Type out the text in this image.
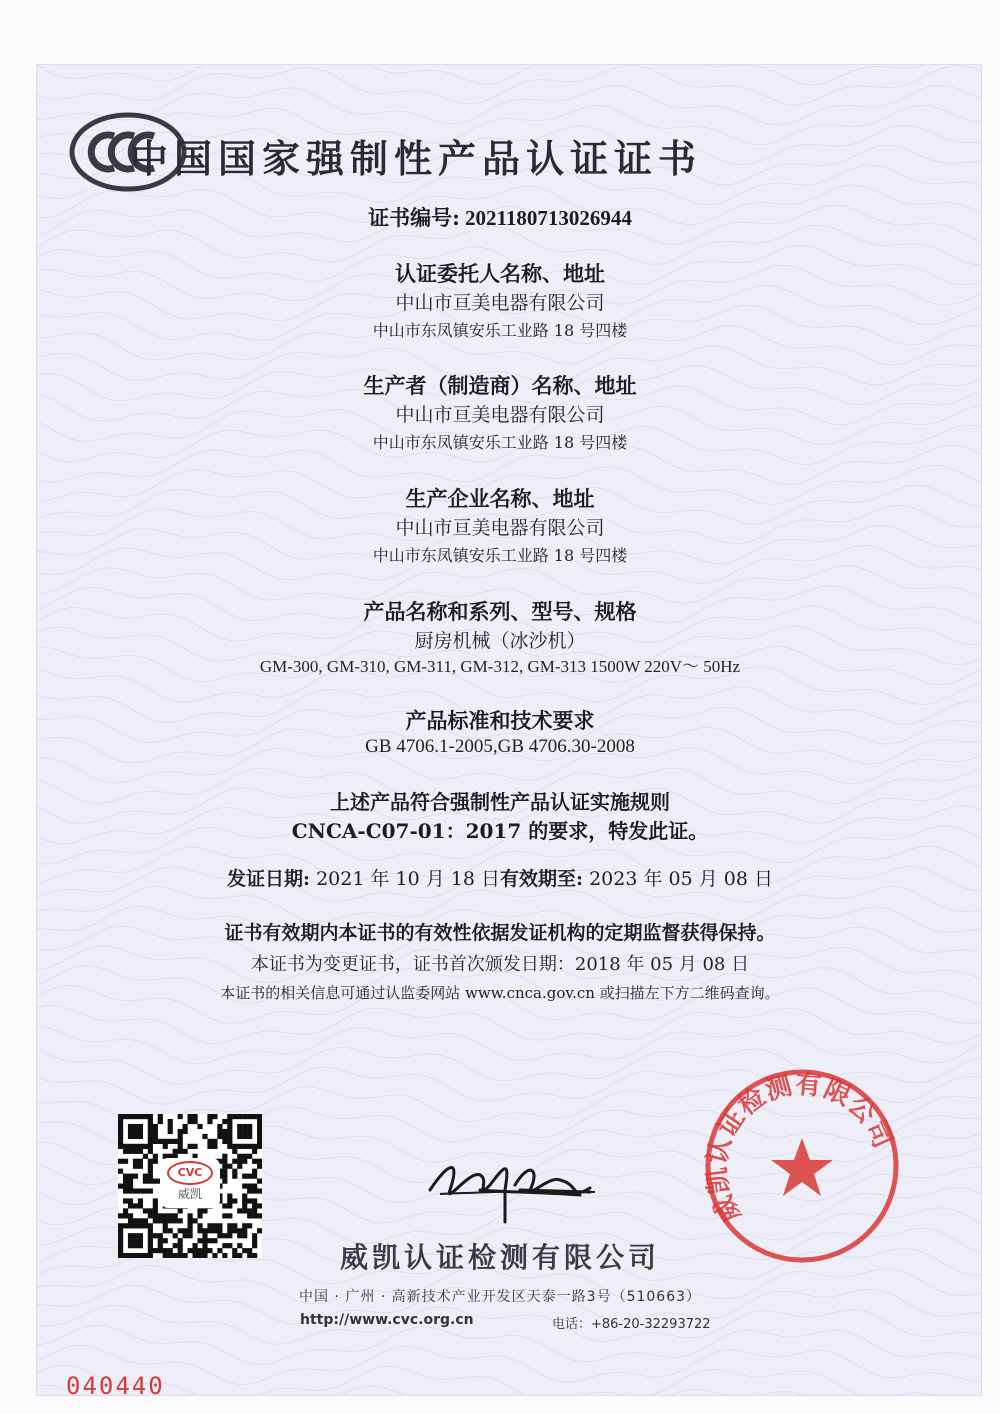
中国国家强制性产品认证证书
证书编号: 2021180713026944
认证委托人名称、地址
中山市亘美电器有限公司
中山市东凤镇安乐工业路 18 号四楼
生产者（制造商）名称、地址
中山市亘美电器有限公司
中山市东凤镇安乐工业路 18 号四楼
生产企业名称、地址
中山市亘美电器有限公司
中山市东凤镇安乐工业路 18 号四楼
产品名称和系列、型号、规格
厨房机械（冰沙机）
GM-300, GM-310, GM-311, GM-312, GM-313 1500W 220V～ 50Hz
产品标准和技术要求
GB 4706.1-2005,GB 4706.30-2008
上述产品符合强制性产品认证实施规则
CNCA-C07-01：2017 的要求，特发此证。
发证日期: 2021 年 10 月 18 日有效期至: 2023 年 05 月 08 日
证书有效期内本证书的有效性依据发证机构的定期监督获得保持。
本证书为变更证书，证书首次颁发日期：2018 年 05 月 08 日
本证书的相关信息可通过认监委网站 www.cnca.gov.cn 或扫描左下方二维码查询。
CVC
威凯	威凯认证检测有限公司
威凯认证检测有限公司
中国 · 广州 · 高新技术产业开发区天泰一路3号（510663）
http://www.cvc.org.cn	电话：+86-20-32293722
040440
